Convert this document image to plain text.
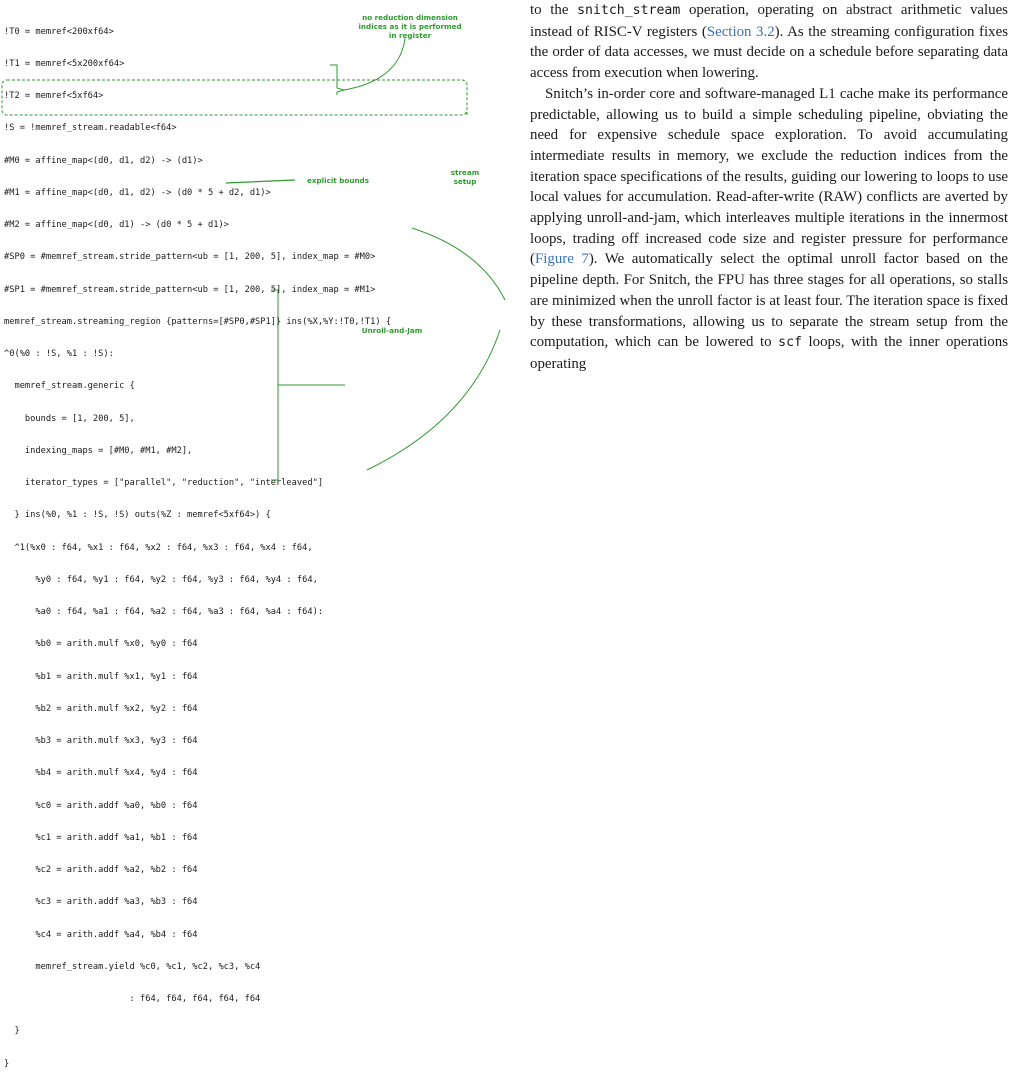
!T0 = memref<200xf64>

!T1 = memref<5x200xf64>

!T2 = memref<5xf64>

!S = !memref_stream.readable<f64>

#M0 = affine_map<(d0, d1, d2) -> (d1)>

#M1 = affine_map<(d0, d1, d2) -> (d0 * 5 + d2, d1)>

#M2 = affine_map<(d0, d1) -> (d0 * 5 + d1)>

#SP0 = #memref_stream.stride_pattern<ub = [1, 200, 5], index_map = #M0>

#SP1 = #memref_stream.stride_pattern<ub = [1, 200, 5], index_map = #M1>

memref_stream.streaming_region {patterns=[#SP0,#SP1]} ins(%X,%Y:!T0,!T1) {

^0(%0 : !S, %1 : !S):

memref_stream.generic {

bounds = [1, 200, 5],

indexing_maps = [#M0, #M1, #M2],

iterator_types = ["parallel", "reduction", "interleaved"]

} ins(%0, %1 : !S, !S) outs(%Z : memref<5xf64>) {

^1(%x0 : f64, %x1 : f64, %x2 : f64, %x3 : f64, %x4 : f64,

%y0 : f64, %y1 : f64, %y2 : f64, %y3 : f64, %y4 : f64,

%a0 : f64, %a1 : f64, %a2 : f64, %a3 : f64, %a4 : f64):

%b0 = arith.mulf %x0, %y0 : f64

%b1 = arith.mulf %x1, %y1 : f64

%b2 = arith.mulf %x2, %y2 : f64

%b3 = arith.mulf %x3, %y3 : f64

%b4 = arith.mulf %x4, %y4 : f64

%c0 = arith.addf %a0, %b0 : f64

%c1 = arith.addf %a1, %b1 : f64

%c2 = arith.addf %a2, %b2 : f64

%c3 = arith.addf %a3, %b3 : f64

%c4 = arith.addf %a4, %b4 : f64

memref_stream.yield %c0, %c1, %c2, %c3, %c4

: f64, f64, f64, f64, f64

}

}

no reduction dimension indices as it is performed in register
explicit bounds
stream setup
Unroll-and-Jam

to the snitch_stream operation, operating on abstract arithmetic values instead of RISC-V registers (Section 3.2). As the streaming configuration fixes the order of data accesses, we must decide on a schedule before separating data access from execution when lowering.

Snitch’s in-order core and software-managed L1 cache make its performance predictable, allowing us to build a simple scheduling pipeline, obviating the need for expensive schedule space exploration. To avoid accumulating intermediate results in memory, we exclude the reduction indices from the iteration space specifications of the results, guiding our lowering to loops to use local values for accumulation. Read-after-write (RAW) conflicts are averted by applying unroll-and-jam, which interleaves multiple iterations in the innermost loops, trading off increased code size and register pressure for performance (Figure 7). We automatically select the optimal unroll factor based on the pipeline depth. For Snitch, the FPU has three stages for all operations, so stalls are minimized when the unroll factor is at least four. The iteration space is fixed by these transformations, allowing us to separate the stream setup from the computation, which can be lowered to scf loops, with the inner operations operating
